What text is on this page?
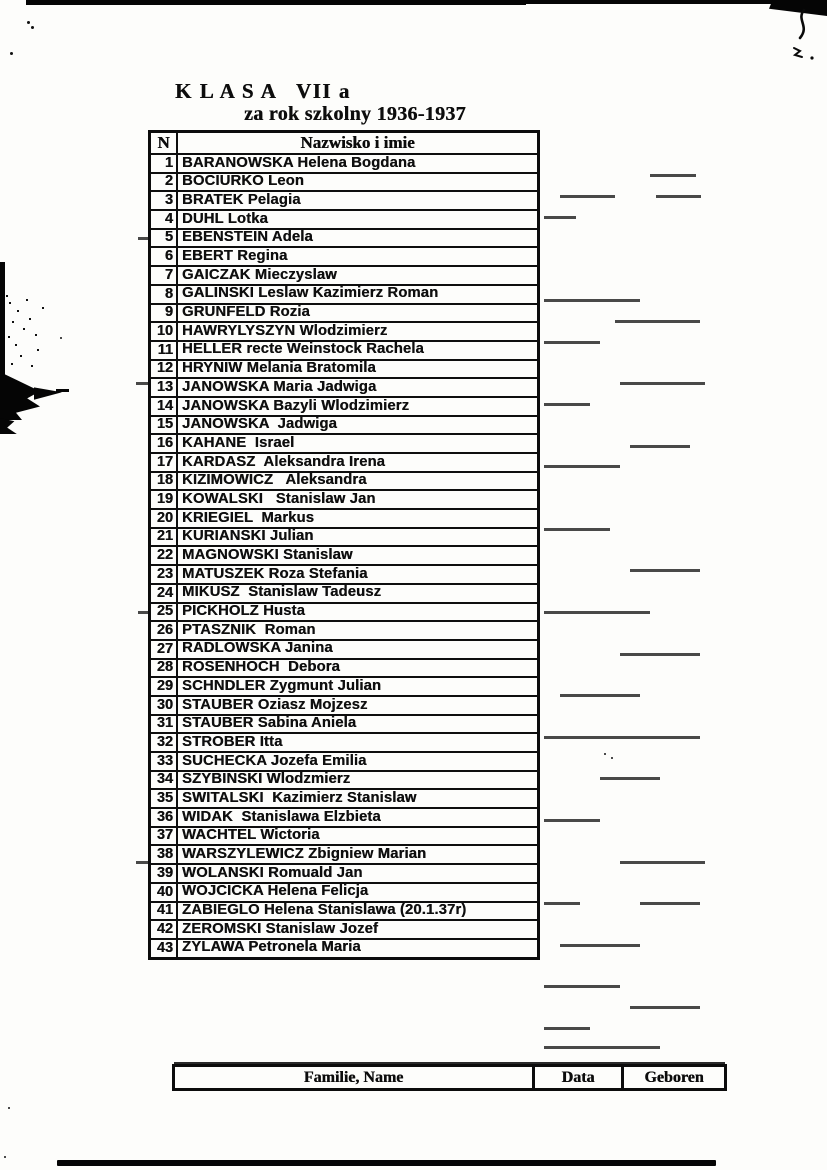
K L A S A   VII a
za rok szkolny 1936-1937
N	Nazwisko i imie
1	BARANOWSKA Helena Bogdana
2	BOCIURKO Leon
3	BRATEK Pelagia
4	DUHL Lotka
5	EBENSTEIN Adela
6	EBERT Regina
7	GAICZAK Mieczyslaw
8	GALINSKI Leslaw Kazimierz Roman
9	GRUNFELD Rozia
10	HAWRYLYSZYN Wlodzimierz
11	HELLER recte Weinstock Rachela
12	HRYNIW Melania Bratomila
13	JANOWSKA Maria Jadwiga
14	JANOWSKA Bazyli Wlodzimierz
15	JANOWSKA  Jadwiga
16	KAHANE  Israel
17	KARDASZ  Aleksandra Irena
18	KIZIMOWICZ   Aleksandra
19	KOWALSKI   Stanislaw Jan
20	KRIEGIEL  Markus
21	KURIANSKI Julian
22	MAGNOWSKI Stanislaw
23	MATUSZEK Roza Stefania
24	MIKUSZ  Stanislaw Tadeusz
25	PICKHOLZ Husta
26	PTASZNIK  Roman
27	RADLOWSKA Janina
28	ROSENHOCH  Debora
29	SCHNDLER Zygmunt Julian
30	STAUBER Oziasz Mojzesz
31	STAUBER Sabina Aniela
32	STROBER Itta
33	SUCHECKA Jozefa Emilia
34	SZYBINSKI Wlodzmierz
35	SWITALSKI  Kazimierz Stanislaw
36	WIDAK  Stanislawa Elzbieta
37	WACHTEL Wictoria
38	WARSZYLEWICZ Zbigniew Marian
39	WOLANSKI Romuald Jan
40	WOJCICKA Helena Felicja
41	ZABIEGLO Helena Stanislawa (20.1.37r)
42	ZEROMSKI Stanislaw Jozef
43	ZYLAWA Petronela Maria
Familie, Name	Data	Geboren
